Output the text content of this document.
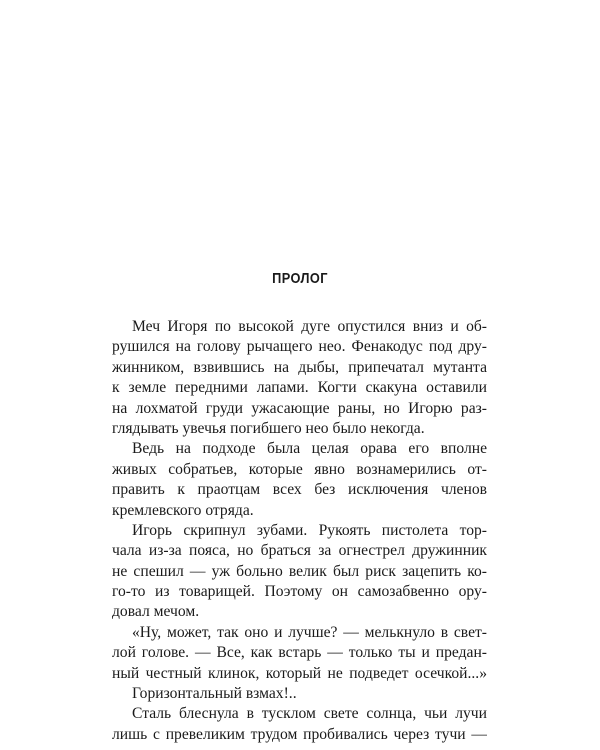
ПРОЛОГ
Меч Игоря по высокой дуге опустился вниз и об-
рушился на голову рычащего нео. Фенакодус под дру-
жинником, взвившись на дыбы, припечатал мутанта
к земле передними лапами. Когти скакуна оставили
на лохматой груди ужасающие раны, но Игорю раз-
глядывать увечья погибшего нео было некогда.
Ведь на подходе была целая орава его вполне
живых собратьев, которые явно вознамерились от-
править к праотцам всех без исключения членов
кремлевского отряда.
Игорь скрипнул зубами. Рукоять пистолета тор-
чала из-за пояса, но браться за огнестрел дружинник
не спешил — уж больно велик был риск зацепить ко-
го-то из товарищей. Поэтому он самозабвенно ору-
довал мечом.
«Ну, может, так оно и лучше? — мелькнуло в свет-
лой голове. — Все, как встарь — только ты и предан-
ный честный клинок, который не подведет осечкой...»
Горизонтальный взмах!..
Сталь блеснула в тусклом свете солнца, чьи лучи
лишь с превеликим трудом пробивались через тучи —
